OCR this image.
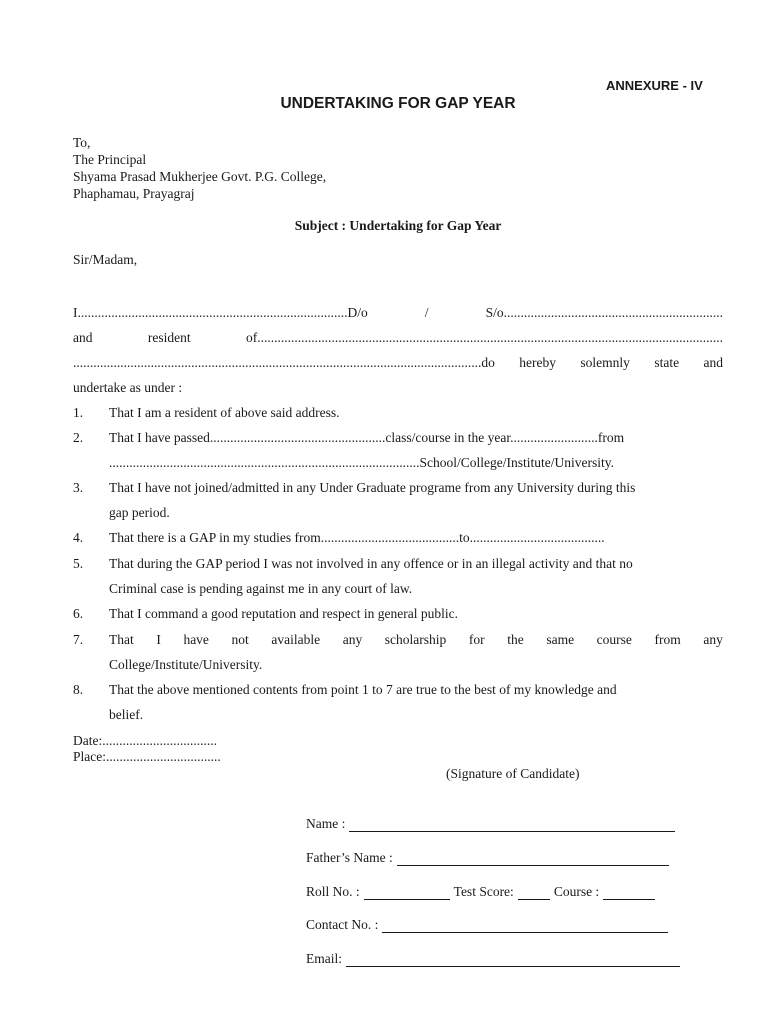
ANNEXURE - IV
UNDERTAKING FOR GAP YEAR
To,
The Principal
Shyama Prasad Mukherjee Govt. P.G. College,
Phaphamau, Prayagraj
Subject : Undertaking for Gap Year
Sir/Madam,
I................................................................................D/o	/	S/o.................................................................
and	resident	of..........................................................................................................................................
.........................................................................................................................do hereby solemnly state and
undertake as under :
1. That I am a resident of above said address.
2. That I have passed....................................................class/course in the year..........................from
............................................................................................School/College/Institute/University.
3. That I have not joined/admitted in any Under Graduate programe from any University during this
gap period.
4. That there is a GAP in my studies from.........................................to........................................
5. That during the GAP period I was not involved in any offence or in an illegal activity and that no
Criminal case is pending against me in any court of law.
6. That I command a good reputation and respect in general public.
7. That I have not available any scholarship for the same course from any
College/Institute/University.
8. That the above mentioned contents from point 1 to 7 are true to the best of my knowledge and
belief.
Date:..................................
Place:..................................
(Signature of Candidate)
Name :
Father’s Name :
Roll No. :	Test Score:	Course :
Contact No. :
Email:
